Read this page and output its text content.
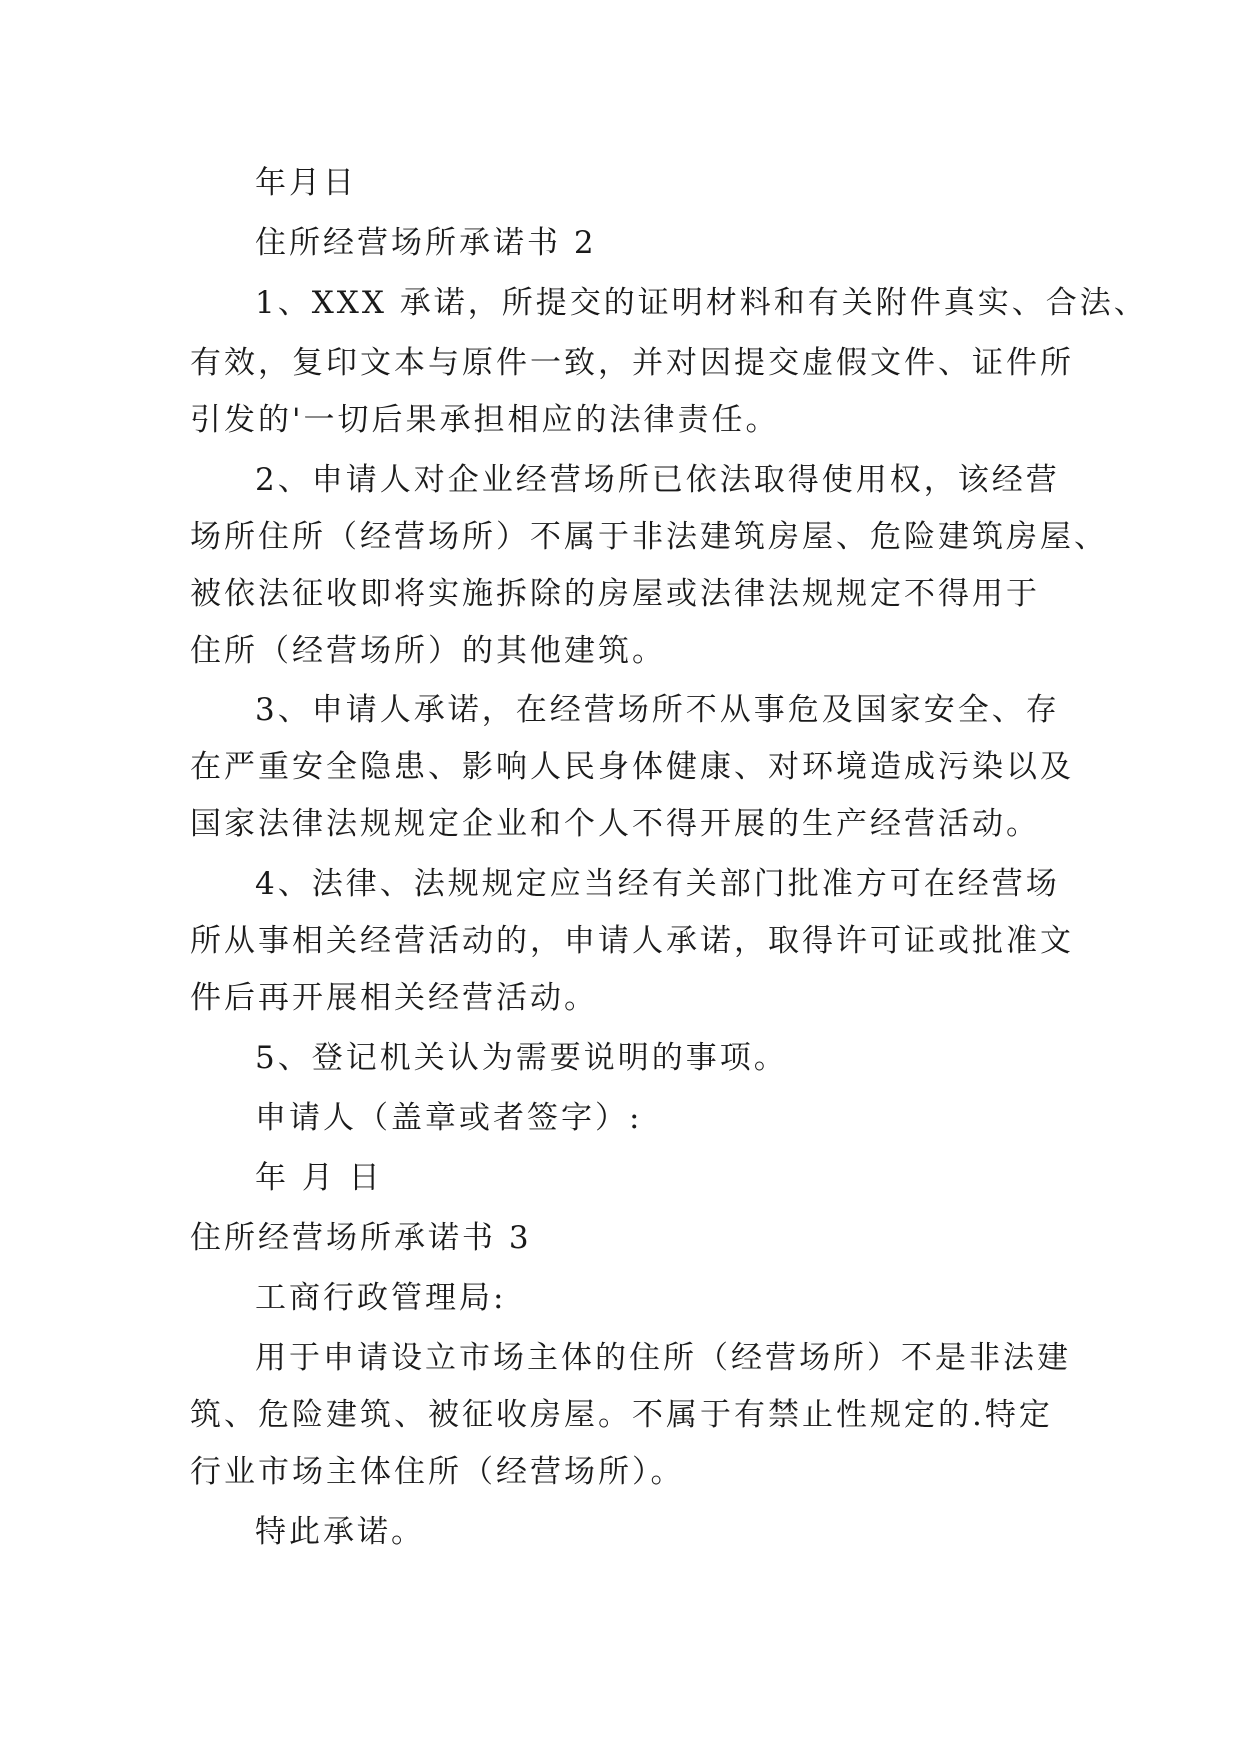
年月日
住所经营场所承诺书 2
1、XXX 承诺，所提交的证明材料和有关附件真实、合法、
有效，复印文本与原件一致，并对因提交虚假文件、证件所
引发的'一切后果承担相应的法律责任。
2、申请人对企业经营场所已依法取得使用权，该经营
场所住所（经营场所）不属于非法建筑房屋、危险建筑房屋、
被依法征收即将实施拆除的房屋或法律法规规定不得用于
住所（经营场所）的其他建筑。
3、申请人承诺，在经营场所不从事危及国家安全、存
在严重安全隐患、影响人民身体健康、对环境造成污染以及
国家法律法规规定企业和个人不得开展的生产经营活动。
4、法律、法规规定应当经有关部门批准方可在经营场
所从事相关经营活动的，申请人承诺，取得许可证或批准文
件后再开展相关经营活动。
5、登记机关认为需要说明的事项。
申请人（盖章或者签字）:
年 月 日
住所经营场所承诺书 3
工商行政管理局:
用于申请设立市场主体的住所（经营场所）不是非法建
筑、危险建筑、被征收房屋。不属于有禁止性规定的.特定
行业市场主体住所（经营场所）。
特此承诺。
